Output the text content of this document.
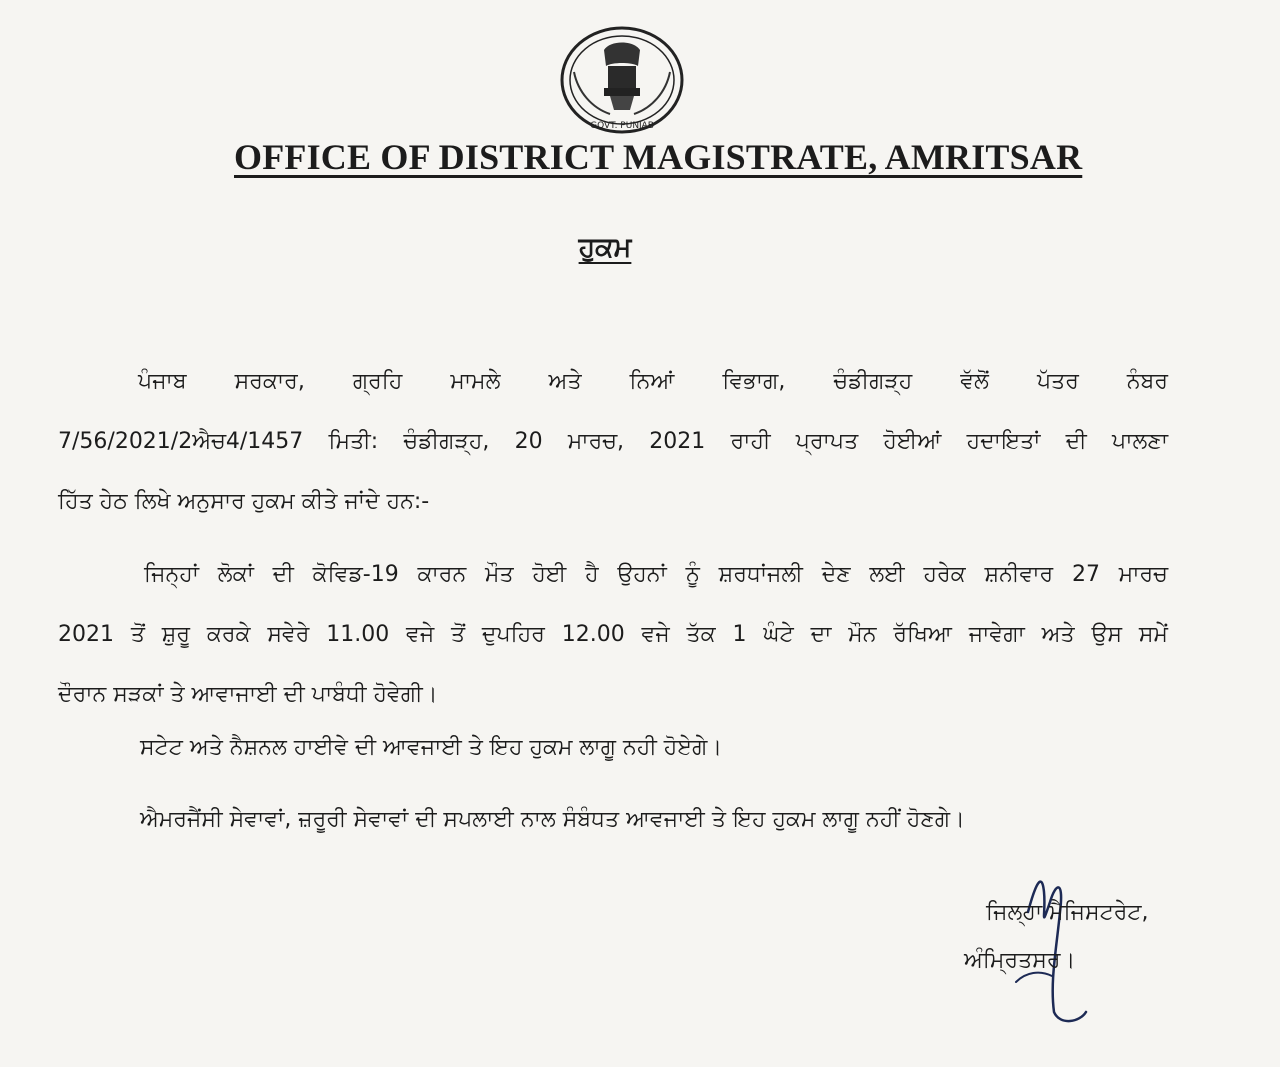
GOVT. PUNJAB
OFFICE OF DISTRICT MAGISTRATE, AMRITSAR
ਹੁਕਮ
ਪੰਜਾਬ ਸਰਕਾਰ, ਗ੍ਰਹਿ ਮਾਮਲੇ ਅਤੇ ਨਿਆਂ ਵਿਭਾਗ, ਚੰਡੀਗੜ੍ਹ ਵੱਲੋਂ ਪੱਤਰ ਨੰਬਰ
7/56/2021/2ਐਚ4/1457 ਮਿਤੀ: ਚੰਡੀਗੜ੍ਹ, 20 ਮਾਰਚ, 2021 ਰਾਹੀ ਪ੍ਰਾਪਤ ਹੋਈਆਂ ਹਦਾਇਤਾਂ ਦੀ ਪਾਲਣਾ
ਹਿੱਤ ਹੇਠ ਲਿਖੇ ਅਨੁਸਾਰ ਹੁਕਮ ਕੀਤੇ ਜਾਂਦੇ ਹਨ:-
ਜਿਨ੍ਹਾਂ ਲੋਕਾਂ ਦੀ ਕੋਵਿਡ-19 ਕਾਰਨ ਮੌਤ ਹੋਈ ਹੈ ਉਹਨਾਂ ਨੂੰ ਸ਼ਰਧਾਂਜਲੀ ਦੇਣ ਲਈ ਹਰੇਕ ਸ਼ਨੀਵਾਰ 27 ਮਾਰਚ
2021 ਤੋਂ ਸ਼ੁਰੂ ਕਰਕੇ ਸਵੇਰੇ 11.00 ਵਜੇ ਤੋਂ ਦੁਪਹਿਰ 12.00 ਵਜੇ ਤੱਕ 1 ਘੰਟੇ ਦਾ ਮੌਨ ਰੱਖਿਆ ਜਾਵੇਗਾ ਅਤੇ ਉਸ ਸਮੇਂ
ਦੌਰਾਨ ਸੜਕਾਂ ਤੇ ਆਵਾਜਾਈ ਦੀ ਪਾਬੰਧੀ ਹੋਵੇਗੀ।
ਸਟੇਟ ਅਤੇ ਨੈਸ਼ਨਲ ਹਾਈਵੇ ਦੀ ਆਵਜਾਈ ਤੇ ਇਹ ਹੁਕਮ ਲਾਗੂ ਨਹੀ ਹੋਏਗੇ।
ਐਮਰਜੈਂਸੀ ਸੇਵਾਵਾਂ, ਜ਼ਰੂਰੀ ਸੇਵਾਵਾਂ ਦੀ ਸਪਲਾਈ ਨਾਲ ਸੰਬੰਧਤ ਆਵਜਾਈ ਤੇ ਇਹ ਹੁਕਮ ਲਾਗੂ ਨਹੀਂ ਹੋਣਗੇ।
ਜਿਲ੍ਹਾ ਮੈਜਿਸਟਰੇਟ,
ਅੰਮ੍ਰਿਤਸਰ।
